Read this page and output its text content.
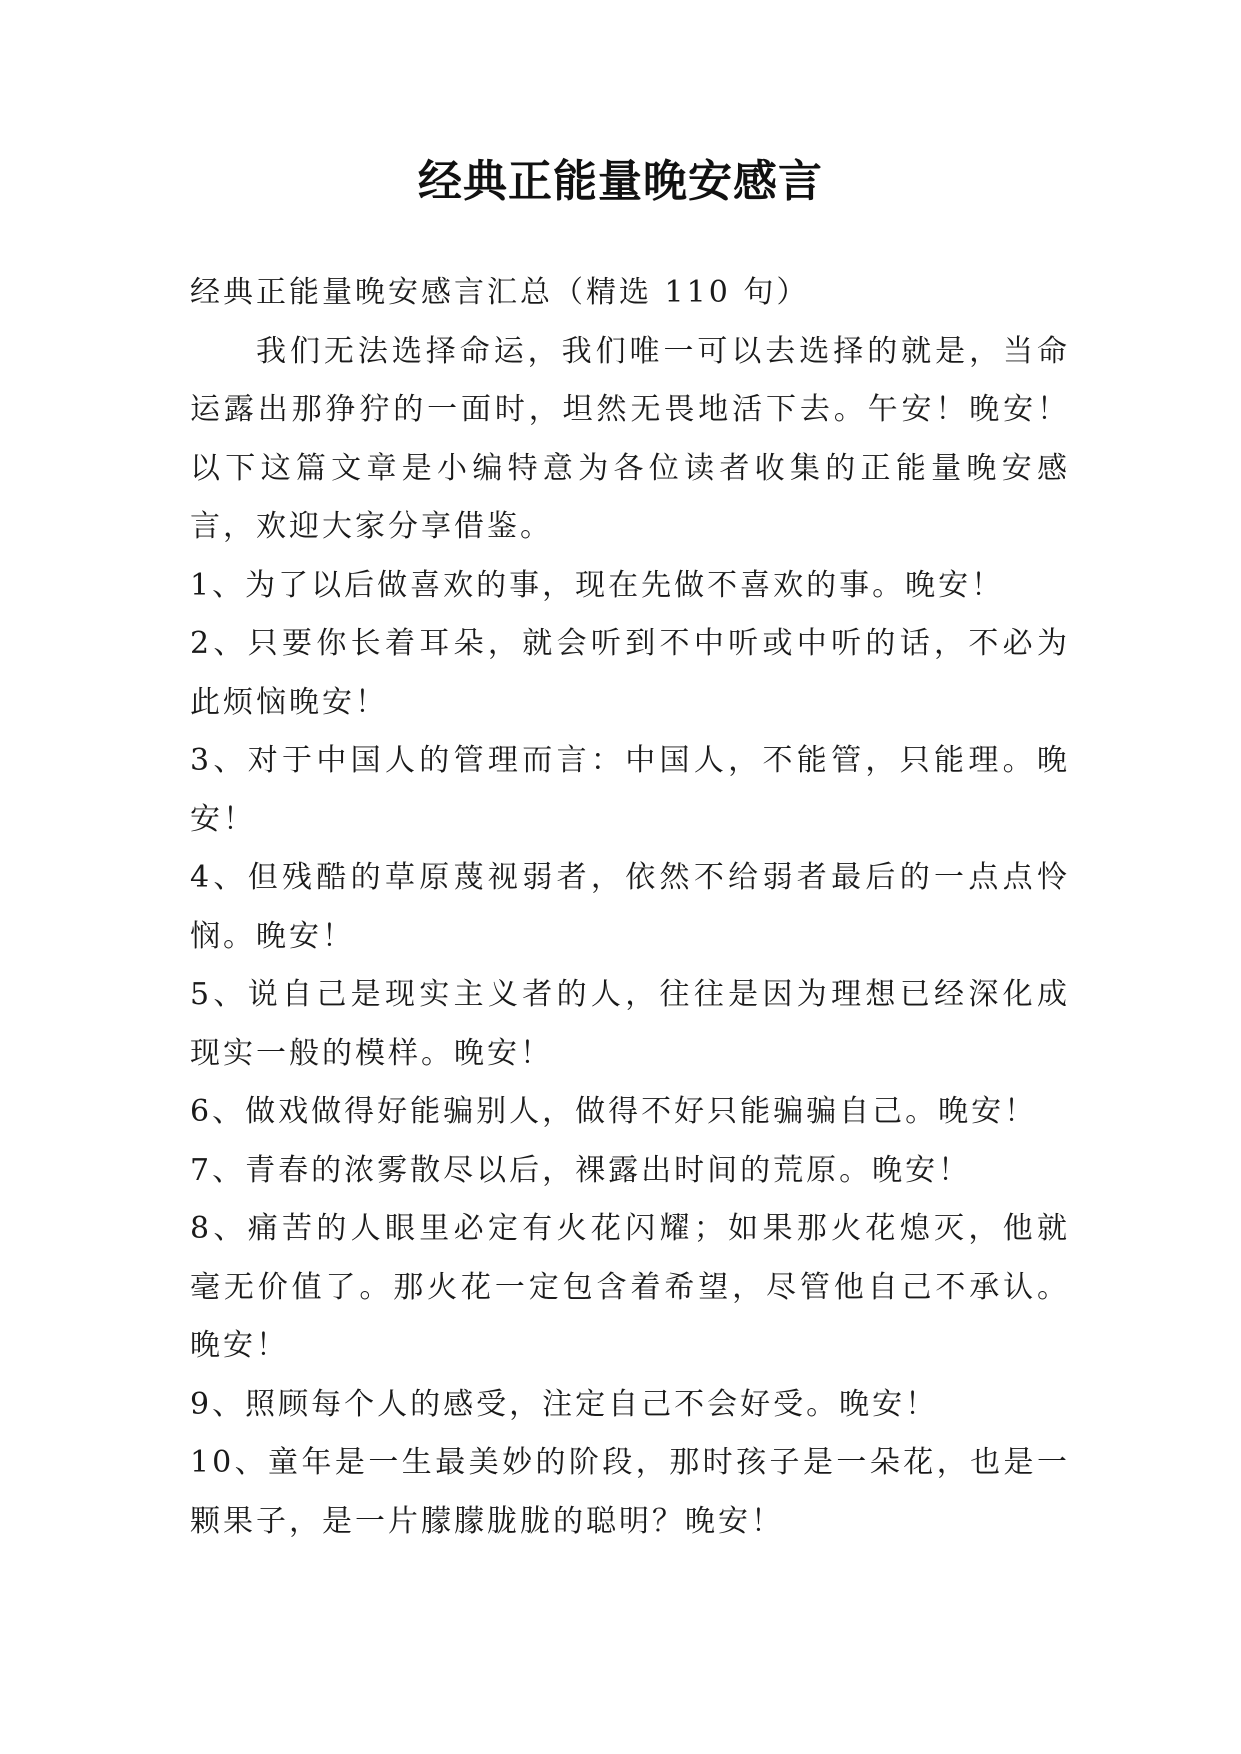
经典正能量晚安感言

经典正能量晚安感言汇总（精选 110 句）

我们无法选择命运，我们唯一可以去选择的就是，当命运露出那狰狞的一面时，坦然无畏地活下去。午安！晚安！以下这篇文章是小编特意为各位读者收集的正能量晚安感言，欢迎大家分享借鉴。

1、为了以后做喜欢的事，现在先做不喜欢的事。晚安！

2、只要你长着耳朵，就会听到不中听或中听的话，不必为此烦恼晚安！

3、对于中国人的管理而言：中国人，不能管，只能理。晚安！

4、但残酷的草原蔑视弱者，依然不给弱者最后的一点点怜悯。晚安！

5、说自己是现实主义者的人，往往是因为理想已经深化成现实一般的模样。晚安！

6、做戏做得好能骗别人，做得不好只能骗骗自己。晚安！

7、青春的浓雾散尽以后，裸露出时间的荒原。晚安！

8、痛苦的人眼里必定有火花闪耀；如果那火花熄灭，他就毫无价值了。那火花一定包含着希望，尽管他自己不承认。晚安！

9、照顾每个人的感受，注定自己不会好受。晚安！

10、童年是一生最美妙的阶段，那时孩子是一朵花，也是一颗果子，是一片朦朦胧胧的聪明？晚安！
